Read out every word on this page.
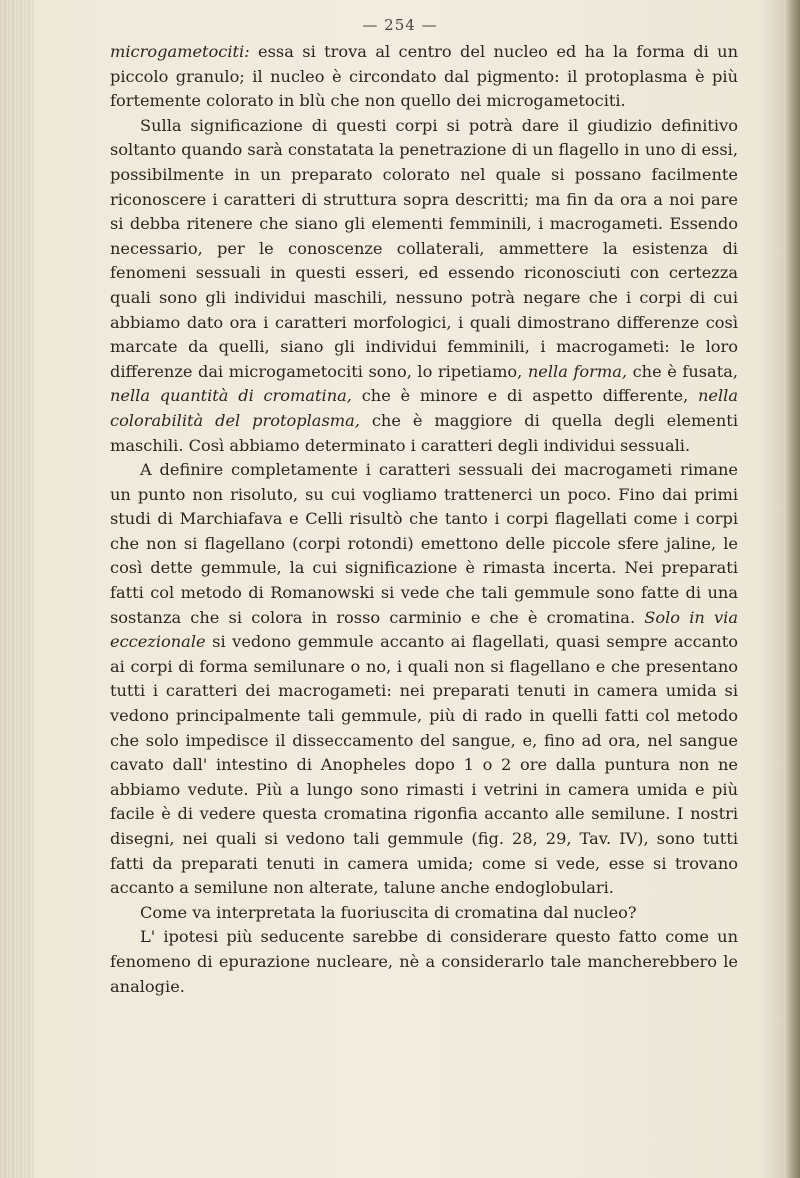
— 254 —

microgametociti: essa si trova al centro del nucleo ed ha la forma di un piccolo granulo; il nucleo è circondato dal pigmento: il protoplasma è più fortemente colorato in blù che non quello dei microgametociti.

Sulla significazione di questi corpi si potrà dare il giudizio definitivo soltanto quando sarà constatata la penetrazione di un flagello in uno di essi, possibilmente in un preparato colorato nel quale si possano facilmente riconoscere i caratteri di struttura sopra descritti; ma fin da ora a noi pare si debba ritenere che siano gli elementi femminili, i macrogameti. Essendo necessario, per le conoscenze collaterali, ammettere la esistenza di fenomeni sessuali in questi esseri, ed essendo riconosciuti con certezza quali sono gli individui maschili, nessuno potrà negare che i corpi di cui abbiamo dato ora i caratteri morfologici, i quali dimostrano differenze così marcate da quelli, siano gli individui femminili, i macrogameti: le loro differenze dai microgametociti sono, lo ripetiamo, nella forma, che è fusata, nella quantità di cromatina, che è minore e di aspetto differente, nella colorabilità del protoplasma, che è maggiore di quella degli elementi maschili. Così abbiamo determinato i caratteri degli individui sessuali.

A definire completamente i caratteri sessuali dei macrogameti rimane un punto non risoluto, su cui vogliamo trattenerci un poco. Fino dai primi studi di Marchiafava e Celli risultò che tanto i corpi flagellati come i corpi che non si flagellano (corpi rotondi) emettono delle piccole sfere jaline, le così dette gemmule, la cui significazione è rimasta incerta. Nei preparati fatti col metodo di Romanowski si vede che tali gemmule sono fatte di una sostanza che si colora in rosso carminio e che è cromatina. Solo in via eccezionale si vedono gemmule accanto ai flagellati, quasi sempre accanto ai corpi di forma semilunare o no, i quali non si flagellano e che presentano tutti i caratteri dei macrogameti: nei preparati tenuti in camera umida si vedono principalmente tali gemmule, più di rado in quelli fatti col metodo che solo impedisce il disseccamento del sangue, e, fino ad ora, nel sangue cavato dall' intestino di Anopheles dopo 1 o 2 ore dalla puntura non ne abbiamo vedute. Più a lungo sono rimasti i vetrini in camera umida e più facile è di vedere questa cromatina rigonfia accanto alle semilune. I nostri disegni, nei quali si vedono tali gemmule (fig. 28, 29, Tav. IV), sono tutti fatti da preparati tenuti in camera umida; come si vede, esse si trovano accanto a semilune non alterate, talune anche endoglobulari.

Come va interpretata la fuoriuscita di cromatina dal nucleo?

L' ipotesi più seducente sarebbe di considerare questo fatto come un fenomeno di epurazione nucleare, nè a considerarlo tale mancherebbero le analogie.
